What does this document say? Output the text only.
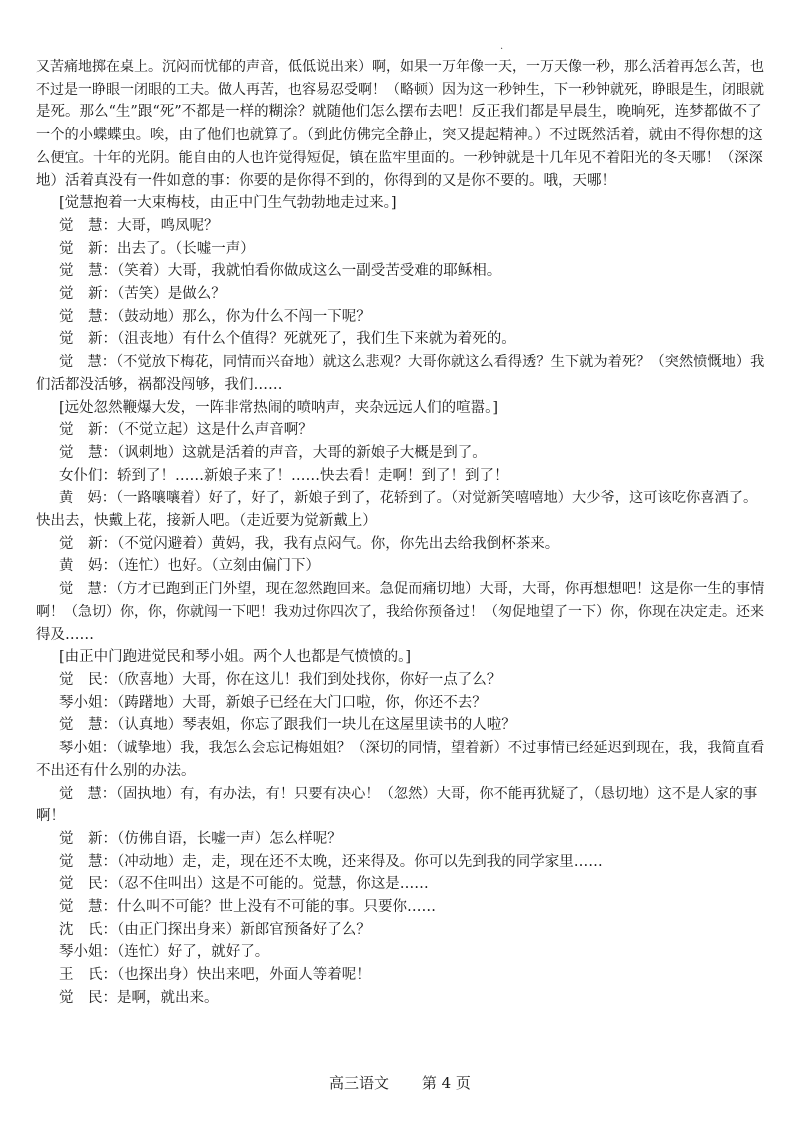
·

又苦痛地掷在桌上。沉闷而忧郁的声音，低低说出来）啊，如果一万年像一天，一万天像一秒，那么活着再怎么苦，也

不过是一睁眼一闭眼的工夫。做人再苦，也容易忍受啊！（略顿）因为这一秒钟生，下一秒钟就死，睁眼是生，闭眼就

是死。那么“生”跟“死”不都是一样的糊涂？就随他们怎么摆布去吧！反正我们都是早晨生，晚晌死，连梦都做不了

一个的小蝶蝶虫。唉，由了他们也就算了。（到此仿佛完全静止，突又提起精神。）不过既然活着，就由不得你想的这

么便宜。十年的光阴。能自由的人也许觉得短促，镇在监牢里面的。一秒钟就是十几年见不着阳光的冬天哪！（深深

地）活着真没有一件如意的事：你要的是你得不到的，你得到的又是你不要的。哦，天哪！

[觉慧抱着一大束梅枝，由正中门生气勃勃地走过来。]

觉　慧：大哥，鸣凤呢？

觉　新：出去了。（长嘘一声）

觉　慧：（笑着）大哥，我就怕看你做成这么一副受苦受难的耶稣相。

觉　新：（苦笑）是做么？

觉　慧：（鼓动地）那么，你为什么不闯一下呢？

觉　新：（沮丧地）有什么个值得？死就死了，我们生下来就为着死的。

觉　慧：（不觉放下梅花，同情而兴奋地）就这么悲观？大哥你就这么看得透？生下就为着死？（突然愤慨地）我

们活都没活够，祸都没闯够，我们……

[远处忽然鞭爆大发，一阵非常热闹的喷呐声，夹杂远远人们的喧嚣。]

觉　新：（不觉立起）这是什么声音啊？

觉　慧：（讽刺地）这就是活着的声音，大哥的新娘子大概是到了。

女仆们：轿到了！……新娘子来了！……快去看！走啊！到了！到了！

黄　妈：（一路嚷嚷着）好了，好了，新娘子到了，花轿到了。（对觉新笑嘻嘻地）大少爷，这可该吃你喜酒了。

快出去，快戴上花，接新人吧。（走近要为觉新戴上）

觉　新：（不觉闪避着）黄妈，我，我有点闷气。你，你先出去给我倒杯茶来。

黄　妈：（连忙）也好。（立刻由偏门下）

觉　慧：（方才已跑到正门外望，现在忽然跑回来。急促而痛切地）大哥，大哥，你再想想吧！这是你一生的事情

啊！（急切）你，你，你就闯一下吧！我劝过你四次了，我给你预备过！（匆促地望了一下）你，你现在决定走。还来

得及……

[由正中门跑进觉民和琴小姐。两个人也都是气愤愤的。]

觉　民：（欣喜地）大哥，你在这儿！我们到处找你，你好一点了么？

琴小姐：（踌躇地）大哥，新娘子已经在大门口啦，你，你还不去？

觉　慧：（认真地）琴表姐，你忘了跟我们一块儿在这屋里读书的人啦？

琴小姐：（诚挚地）我，我怎么会忘记梅姐姐？（深切的同情，望着新）不过事情已经延迟到现在，我，我简直看

不出还有什么别的办法。

觉　慧：（固执地）有，有办法，有！只要有决心！（忽然）大哥，你不能再犹疑了，（恳切地）这不是人家的事

啊！

觉　新：（仿佛自语，长嘘一声）怎么样呢？

觉　慧：（冲动地）走，走，现在还不太晚，还来得及。你可以先到我的同学家里……

觉　民：（忍不住叫出）这是不可能的。觉慧，你这是……

觉　慧：什么叫不可能？世上没有不可能的事。只要你……

沈　氏：（由正门探出身来）新郎官预备好了么？

琴小姐：（连忙）好了，就好了。

王　氏：（也探出身）快出来吧，外面人等着呢！

觉　民：是啊，就出来。

高三语文 第 4 页
